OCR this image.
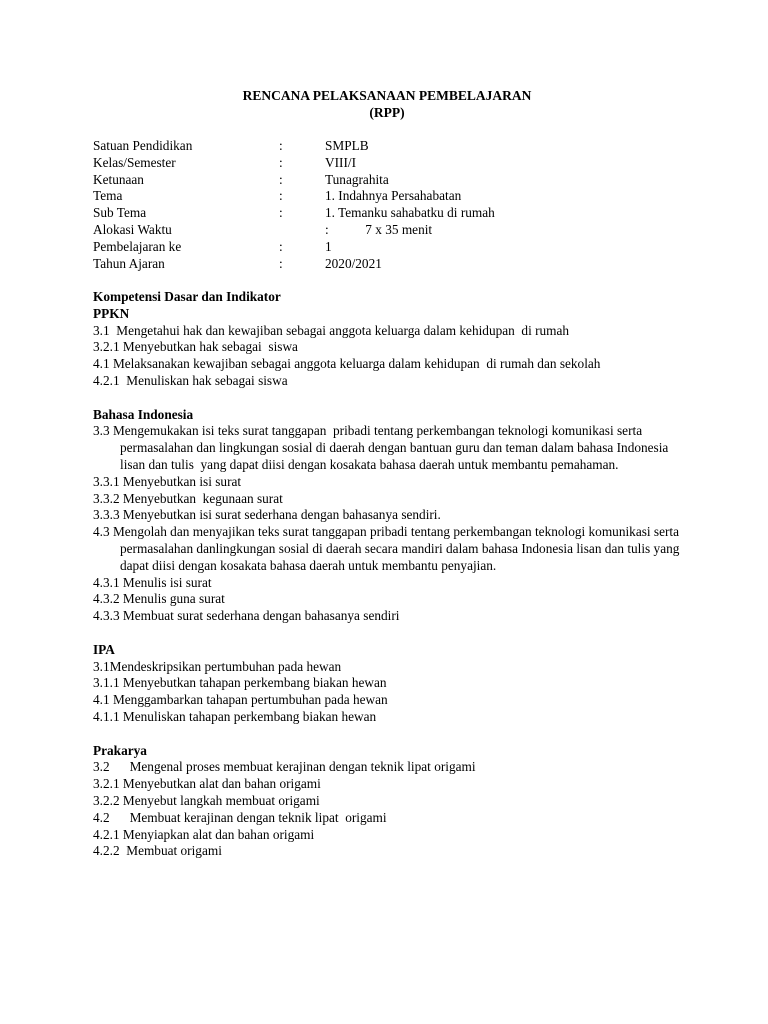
RENCANA PELAKSANAAN PEMBELAJARAN
(RPP)
Satuan Pendidikan	:	SMPLB
Kelas/Semester	:	VIII/I
Ketunaan	:	Tunagrahita
Tema	:	1. Indahnya Persahabatan
Sub Tema	:	1. Temanku sahabatku di rumah
Alokasi Waktu	:           7 x 35 menit
Pembelajaran ke	:	1
Tahun Ajaran	:	2020/2021
Kompetensi Dasar dan Indikator
PPKN
3.1  Mengetahui hak dan kewajiban sebagai anggota keluarga dalam kehidupan  di rumah
3.2.1 Menyebutkan hak sebagai  siswa
4.1 Melaksanakan kewajiban sebagai anggota keluarga dalam kehidupan  di rumah dan sekolah
4.2.1  Menuliskan hak sebagai siswa
Bahasa Indonesia
3.3 Mengemukakan isi teks surat tanggapan  pribadi tentang perkembangan teknologi komunikasi serta permasalahan dan lingkungan sosial di daerah dengan bantuan guru dan teman dalam bahasa Indonesia lisan dan tulis  yang dapat diisi dengan kosakata bahasa daerah untuk membantu pemahaman.
3.3.1 Menyebutkan isi surat
3.3.2 Menyebutkan  kegunaan surat
3.3.3 Menyebutkan isi surat sederhana dengan bahasanya sendiri.
4.3 Mengolah dan menyajikan teks surat tanggapan pribadi tentang perkembangan teknologi komunikasi serta permasalahan danlingkungan sosial di daerah secara mandiri dalam bahasa Indonesia lisan dan tulis yang dapat diisi dengan kosakata bahasa daerah untuk membantu penyajian.
4.3.1 Menulis isi surat
4.3.2 Menulis guna surat
4.3.3 Membuat surat sederhana dengan bahasanya sendiri
IPA
3.1Mendeskripsikan pertumbuhan pada hewan
3.1.1 Menyebutkan tahapan perkembang biakan hewan
4.1 Menggambarkan tahapan pertumbuhan pada hewan
4.1.1 Menuliskan tahapan perkembang biakan hewan
Prakarya
3.2      Mengenal proses membuat kerajinan dengan teknik lipat origami
3.2.1 Menyebutkan alat dan bahan origami
3.2.2 Menyebut langkah membuat origami
4.2      Membuat kerajinan dengan teknik lipat  origami
4.2.1 Menyiapkan alat dan bahan origami
4.2.2  Membuat origami
